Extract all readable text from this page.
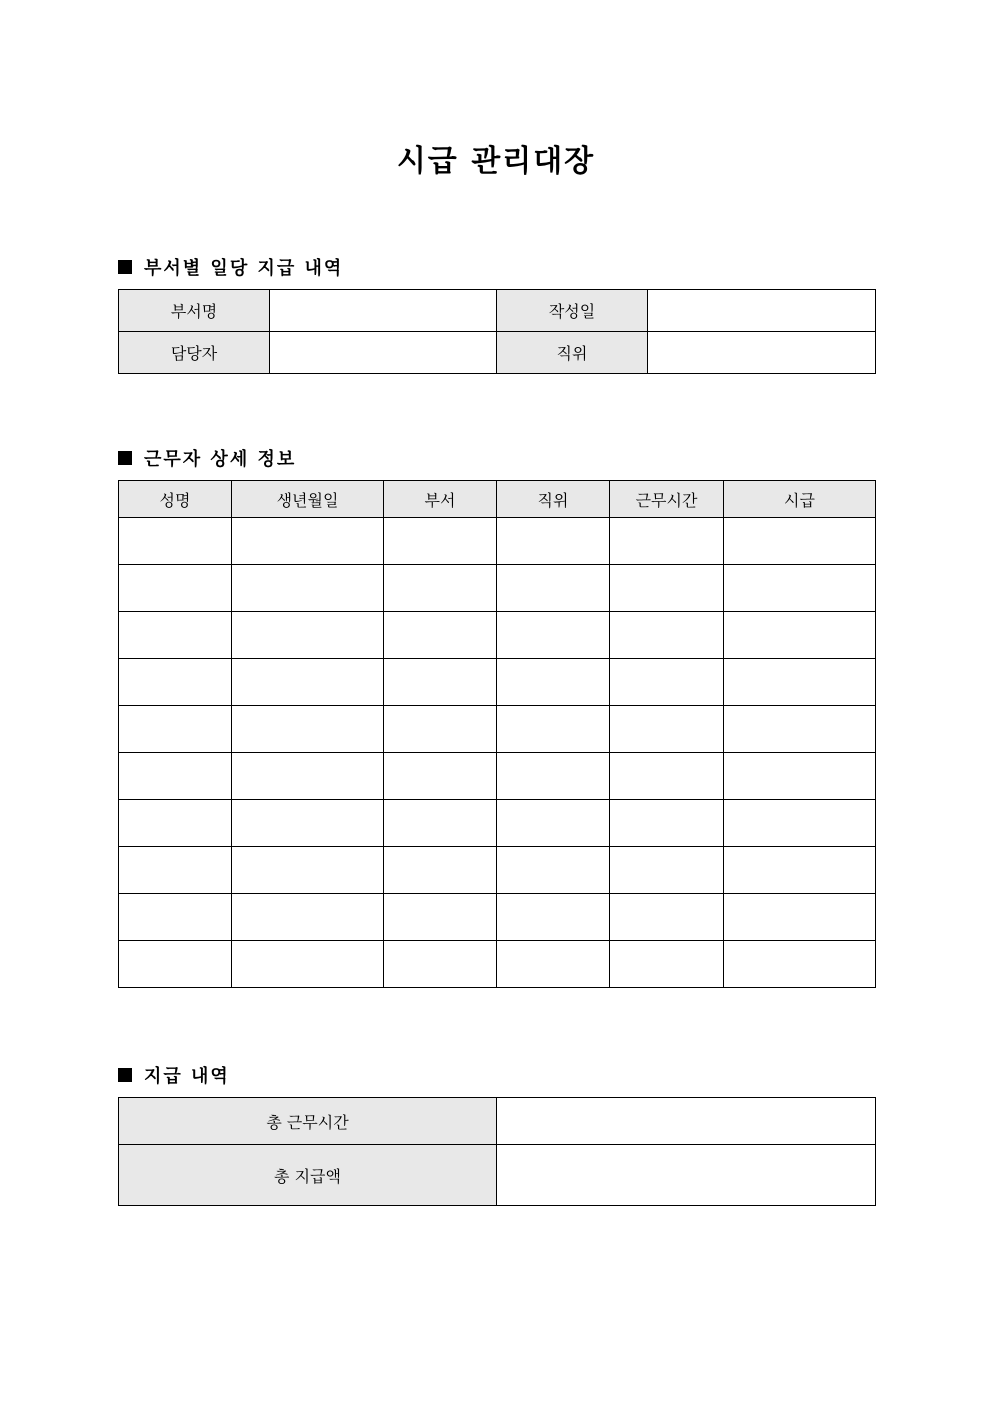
시급 관리대장
부서별 일당 지급 내역
부서명		작성일	
담당자		직위	
근무자 상세 정보
성명	생년월일	부서	직위	근무시간	시급

지급 내역
총 근무시간	
총 지급액	
